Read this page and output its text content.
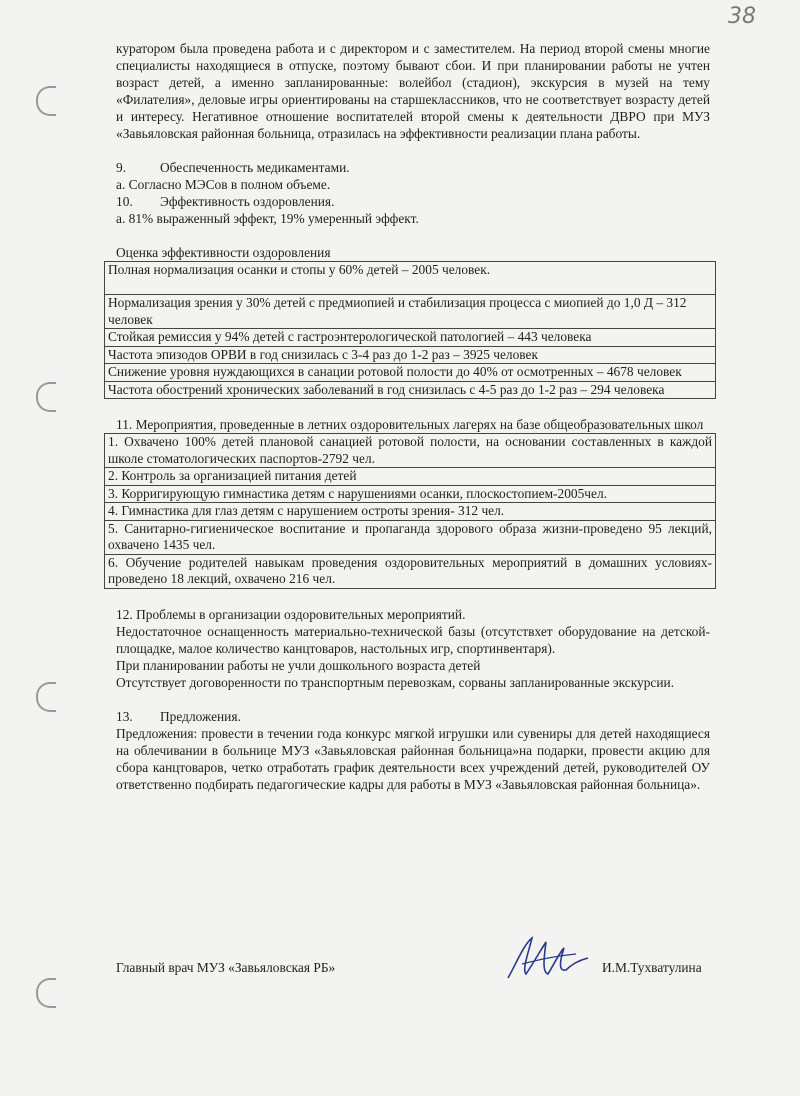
38

куратором была проведена работа и с директором и с заместителем. На период второй смены многие специалисты находящиеся в отпуске, поэтому бывают сбои. И при планировании работы не учтен возраст детей, а именно запланированные: волейбол (стадион), экскурсия в музей на тему «Филателия», деловые игры ориентированы на старшеклассников, что не соответствует возрасту детей и интересу. Негативное отношение воспитателей второй смены к деятельности ДВРО при МУЗ «Завьяловская районная больница, отразилась на эффективности реализации плана работы.

9.	Обеспеченность медикаментами.

a. Согласно МЭСов в полном объеме.

10.	Эффективность оздоровления.

a. 81% выраженный эффект, 19% умеренный эффект.

Оценка эффективности оздоровления

Полная нормализация осанки и стопы у 60% детей – 2005 человек.
Нормализация зрения у 30% детей с предмиопией и стабилизация процесса с миопией до 1,0 Д – 312 человек
Стойкая ремиссия у 94% детей с гастроэнтерологической патологией – 443 человека
Частота эпизодов ОРВИ в год снизилась с 3-4 раз до 1-2 раз – 3925 человек
Снижение уровня нуждающихся в санации ротовой полости до 40% от осмотренных – 4678 человек
Частота обострений хронических заболеваний в год снизилась с 4-5 раз до 1-2 раз – 294 человека

11. Мероприятия, проведенные в летних оздоровительных лагерях на базе общеобразовательных школ

1. Охвачено 100% детей плановой санацией ротовой полости, на основании составленных в каждой школе стоматологических паспортов-2792 чел.
2. Контроль за организацией питания детей
3. Корригирующую гимнастика детям с нарушениями осанки, плоскостопием-2005чел.
4. Гимнастика для глаз детям с нарушением остроты зрения- 312 чел.
5. Санитарно-гигиеническое воспитание и пропаганда здорового образа жизни-проведено 95 лекций, охвачено 1435 чел.
6. Обучение родителей навыкам проведения оздоровительных мероприятий в домашних условиях-проведено 18 лекций, охвачено 216 чел.

12. Проблемы в организации оздоровительных мероприятий.

Недостаточное оснащенность материально-технической базы (отсутствхет оборудование на детской-площадке, малое количество канцтоваров, настольных игр, спортинвентаря).

При планировании работы не учли дошкольного возраста детей

Отсутствует договоренности по транспортным перевозкам, сорваны запланированные экскурсии.

13.	Предложения.

Предложения: провести в течении года конкурс мягкой игрушки или сувениры для детей находящиеся на облечивании в больнице МУЗ «Завьяловская районная больница»на подарки, провести акцию для сбора канцтоваров, четко отработать график деятельности всех учреждений детей, руководителей ОУ ответственно подбирать педагогические кадры для работы в МУЗ «Завьяловская районная больница».

Главный врач МУЗ «Завьяловская РБ»	И.М.Тухватулина
